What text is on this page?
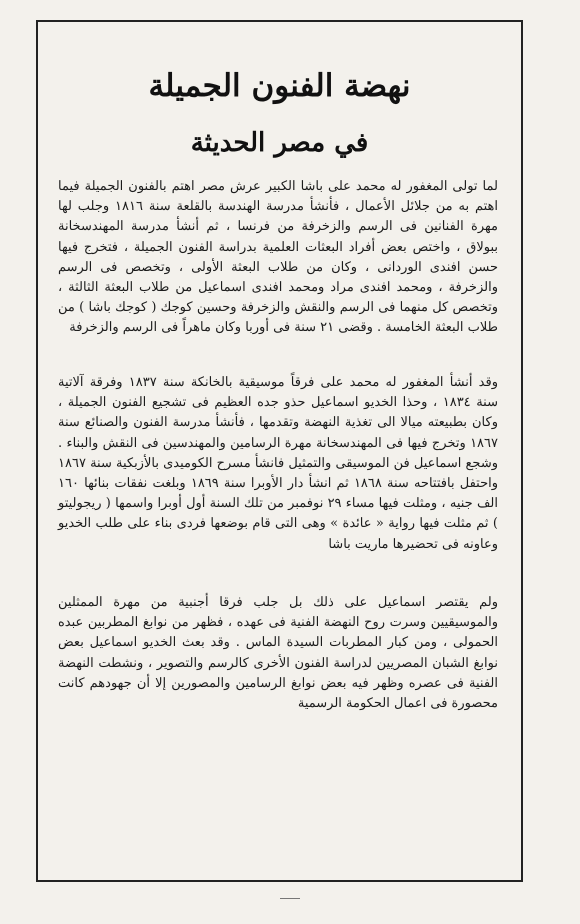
نهضة الفنون الجميلة
في مصر الحديثة

لما تولى المغفور له محمد على باشا الكبير عرش مصر اهتم بالفنون الجميلة فيما اهتم به من جلائل الأعمال ، فأنشأ مدرسة الهندسة بالقلعة سنة ١٨١٦ وجلب لها مهرة الفنانين فى الرسم والزخرفة من فرنسا ، ثم أنشأ مدرسة المهندسخانة ببولاق ، واختص بعض أفراد البعثات العلمية بدراسة الفنون الجميلة ، فتخرج فيها حسن افندى الوردانى ، وكان من طلاب البعثة الأولى ، وتخصص فى الرسم والزخرفة ، ومحمد افندى مراد ومحمد افندى اسماعيل من طلاب البعثة الثالثة ، وتخصص كل منهما فى الرسم والنقش والزخرفة وحسين كوجك ( كوجك باشا ) من طلاب البعثة الخامسة . وقضى ٢١ سنة فى أوربا وكان ماهراً فى الرسم والزخرفة

وقد أنشأ المغفور له محمد على فرقاً موسيقية بالخانكة سنة ١٨٣٧ وفرقة آلاتية سنة ١٨٣٤ ، وحذا الخديو اسماعيل حذو جده العظيم فى تشجيع الفنون الجميلة ، وكان بطبيعته ميالا الى تغذية النهضة وتقدمها ، فأنشأ مدرسة الفنون والصنائع سنة ١٨٦٧ وتخرج فيها فى المهندسخانة مهرة الرسامين والمهندسين فى النقش والبناء . وشجع اسماعيل فن الموسيقى والتمثيل فانشأ مسرح الكوميدى بالأزبكية سنة ١٨٦٧ واحتفل بافتتاحه سنة ١٨٦٨ ثم انشأ دار الأوبرا سنة ١٨٦٩ وبلغت نفقات بنائها ١٦٠ الف جنيه ، ومثلت فيها مساء ٢٩ نوفمبر من تلك السنة أول أوبرا واسمها ( ريجوليتو ) ثم مثلت فيها رواية « عائدة » وهى التى قام بوضعها فردى بناء على طلب الخديو وعاونه فى تحضيرها ماريت باشا

ولم يقتصر اسماعيل على ذلك بل جلب فرقا أجنبية من مهرة الممثلين والموسيقيين وسرت روح النهضة الفنية فى عهده ، فظهر من نوابغ المطربين عبده الحمولى ، ومن كبار المطربات السيدة الماس . وقد بعث الخديو اسماعيل بعض نوابغ الشبان المصريين لدراسة الفنون الأخرى كالرسم والتصوير ، ونشطت النهضة الفنية فى عصره وظهر فيه بعض نوابغ الرسامين والمصورين إلا أن جهودهم كانت محصورة فى اعمال الحكومة الرسمية
